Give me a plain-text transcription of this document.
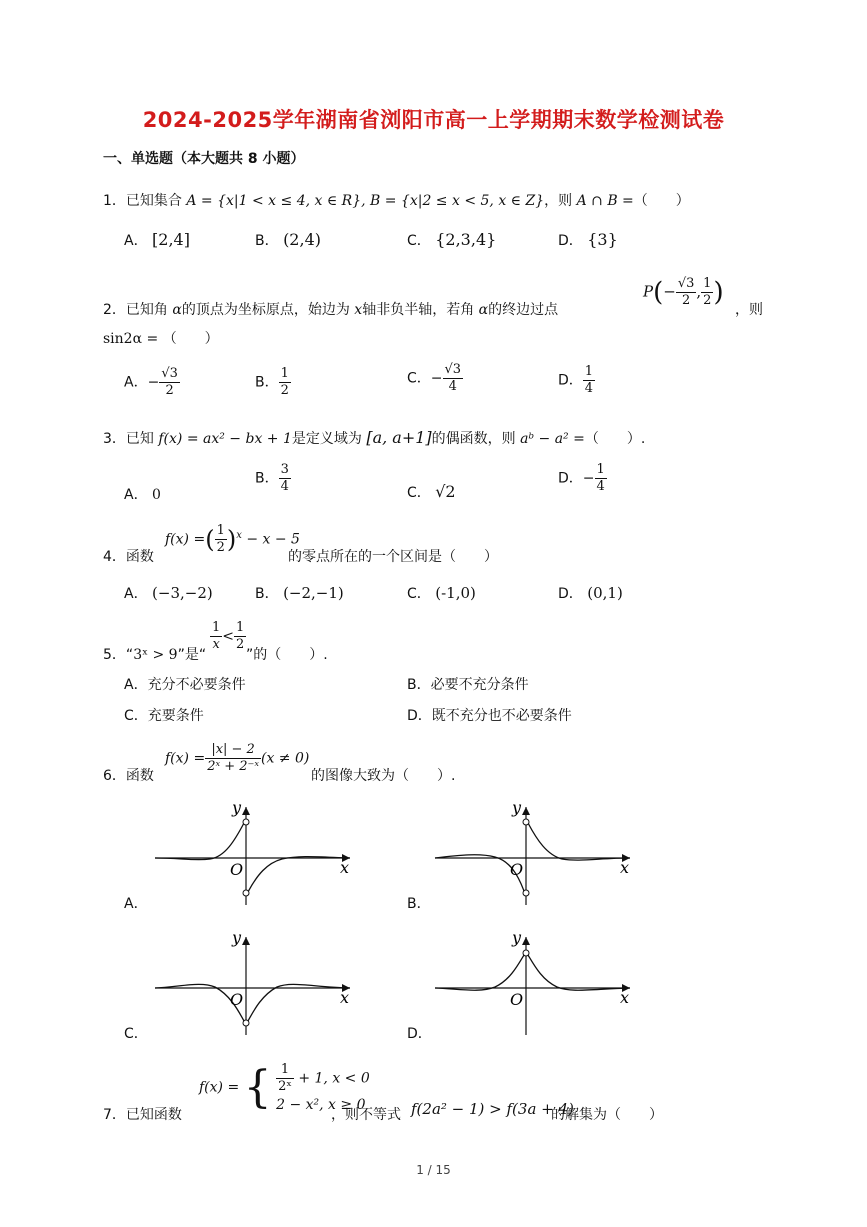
2024-2025学年湖南省浏阳市高一上学期期末数学检测试卷
一、单选题（本大题共 8 小题）
1．已知集合 A = {x|1 < x ≤ 4, x ∈ R}, B = {x|2 ≤ x < 5, x ∈ Z}，则 A ∩ B =（　　）
A． [2,4]	B． (2,4)	C． {2,3,4}	D． {3}
2．已知角 α的顶点为坐标原点，始边为 x轴非负半轴，若角 α的终边过点
$P(- \frac{√3}{2}$ , $\frac{1}{2}$ )
，则
sin2α = （　　）
A．− $\frac{√3}{2}$	B． $\frac{1}{2}$	C．− $\frac{√3}{4}$	D． $\frac{1}{4}$
3．已知 f(x) = ax² − bx + 1是定义域为 [a, a+1]的偶函数，则 aᵇ − a² =（　　）.
A． 0
B． $\frac{3}{4}$	C． √2
D．− $\frac{1}{4}$
4．函数
f(x) =( $\frac{1}{2} )^x - x - 5$
的零点所在的一个区间是（　　）
A． (−3,−2)	B． (−2,−1)	C． (-1,0)	D． (0,1)
5．“3ˣ > 9”是“
$\frac{1}{x} < \frac{1}{2}$
”的（　　）.
A．充分不必要条件	B．必要不充分条件
C．充要条件	D．既不充分也不必要条件
6．函数
$f(x) = \frac{|x| - 2}{\text{2ˣ + 2⁻ˣ}} (x \ne 0)$
的图像大致为（　　）.
y
x
O
A．
y
x
O
B．
y
x
O
C．
y
x
O
D．
7．已知函数
f(x) = { $\frac{1}{\text{2ˣ}} + 1$, x < 0
2 − x², x ≥ 0
，则不等式 f(2a² − 1) > f(3a + 4)
的解集为（　　）
1 / 15
